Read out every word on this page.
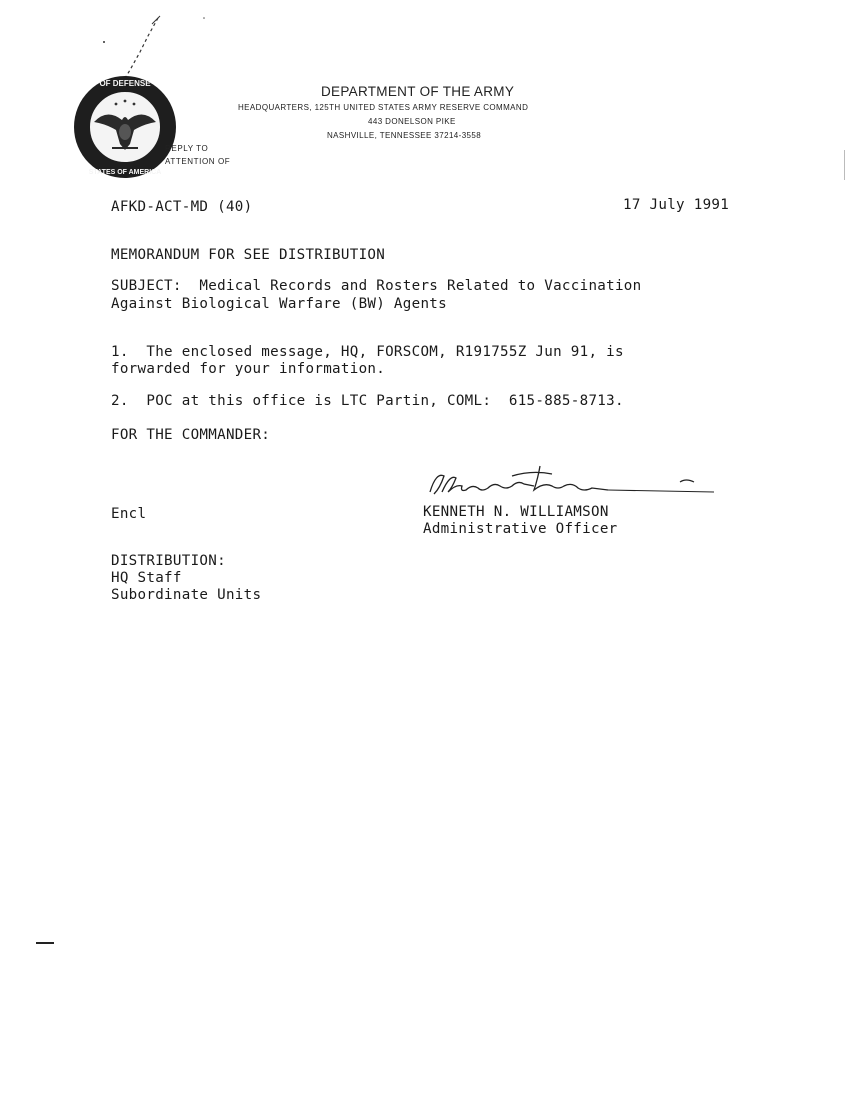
OF DEFENSE
STATES OF AMERICA
DEPARTMENT OF THE ARMY
HEADQUARTERS, 125TH UNITED STATES ARMY RESERVE COMMAND
443 DONELSON PIKE
NASHVILLE, TENNESSEE 37214-3558
REPLY TO
ATTENTION OF
AFKD-ACT-MD (40)	17 July 1991
MEMORANDUM FOR SEE DISTRIBUTION
SUBJECT:  Medical Records and Rosters Related to Vaccination
Against Biological Warfare (BW) Agents
1.  The enclosed message, HQ, FORSCOM, R191755Z Jun 91, is
forwarded for your information.
2.  POC at this office is LTC Partin, COML:  615-885-8713.
FOR THE COMMANDER:
Encl	KENNETH N. WILLIAMSON
Administrative Officer
DISTRIBUTION:
HQ Staff
Subordinate Units
